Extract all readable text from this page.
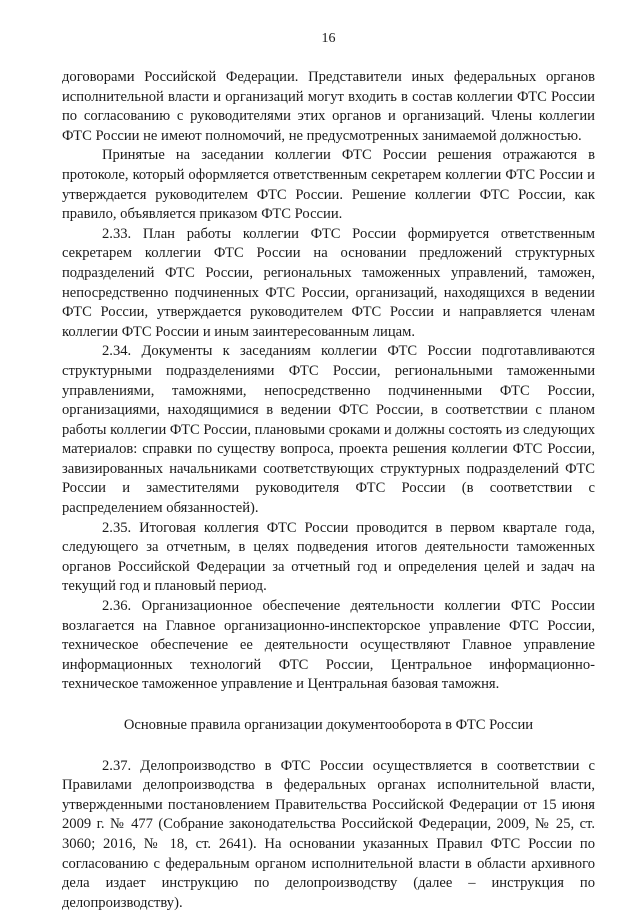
16

договорами Российской Федерации. Представители иных федеральных органов исполнительной власти и организаций могут входить в состав коллегии ФТС России по согласованию с руководителями этих органов и организаций. Члены коллегии ФТС России не имеют полномочий, не предусмотренных занимаемой должностью.

Принятые на заседании коллегии ФТС России решения отражаются в протоколе, который оформляется ответственным секретарем коллегии ФТС России и утверждается руководителем ФТС России. Решение коллегии ФТС России, как правило, объявляется приказом ФТС России.

2.33. План работы коллегии ФТС России формируется ответственным секретарем коллегии ФТС России на основании предложений структурных подразделений ФТС России, региональных таможенных управлений, таможен, непосредственно подчиненных ФТС России, организаций, находящихся в ведении ФТС России, утверждается руководителем ФТС России и направляется членам коллегии ФТС России и иным заинтересованным лицам.

2.34. Документы к заседаниям коллегии ФТС России подготавливаются структурными подразделениями ФТС России, региональными таможенными управлениями, таможнями, непосредственно подчиненными ФТС России, организациями, находящимися в ведении ФТС России, в соответствии с планом работы коллегии ФТС России, плановыми сроками и должны состоять из следующих материалов: справки по существу вопроса, проекта решения коллегии ФТС России, завизированных начальниками соответствующих структурных подразделений ФТС России и заместителями руководителя ФТС России (в соответствии с распределением обязанностей).

2.35. Итоговая коллегия ФТС России проводится в первом квартале года, следующего за отчетным, в целях подведения итогов деятельности таможенных органов Российской Федерации за отчетный год и определения целей и задач на текущий год и плановый период.

2.36. Организационное обеспечение деятельности коллегии ФТС России возлагается на Главное организационно-инспекторское управление ФТС России, техническое обеспечение ее деятельности осуществляют Главное управление информационных технологий ФТС России, Центральное информационно-техническое таможенное управление и Центральная базовая таможня.

Основные правила организации документооборота в ФТС России

2.37. Делопроизводство в ФТС России осуществляется в соответствии с Правилами делопроизводства в федеральных органах исполнительной власти, утвержденными постановлением Правительства Российской Федерации от 15 июня 2009 г. № 477 (Собрание законодательства Российской Федерации, 2009, № 25, ст. 3060; 2016, № 18, ст. 2641). На основании указанных Правил ФТС России по согласованию с федеральным органом исполнительной власти в области архивного дела издает инструкцию по делопроизводству (далее – инструкция по делопроизводству).
